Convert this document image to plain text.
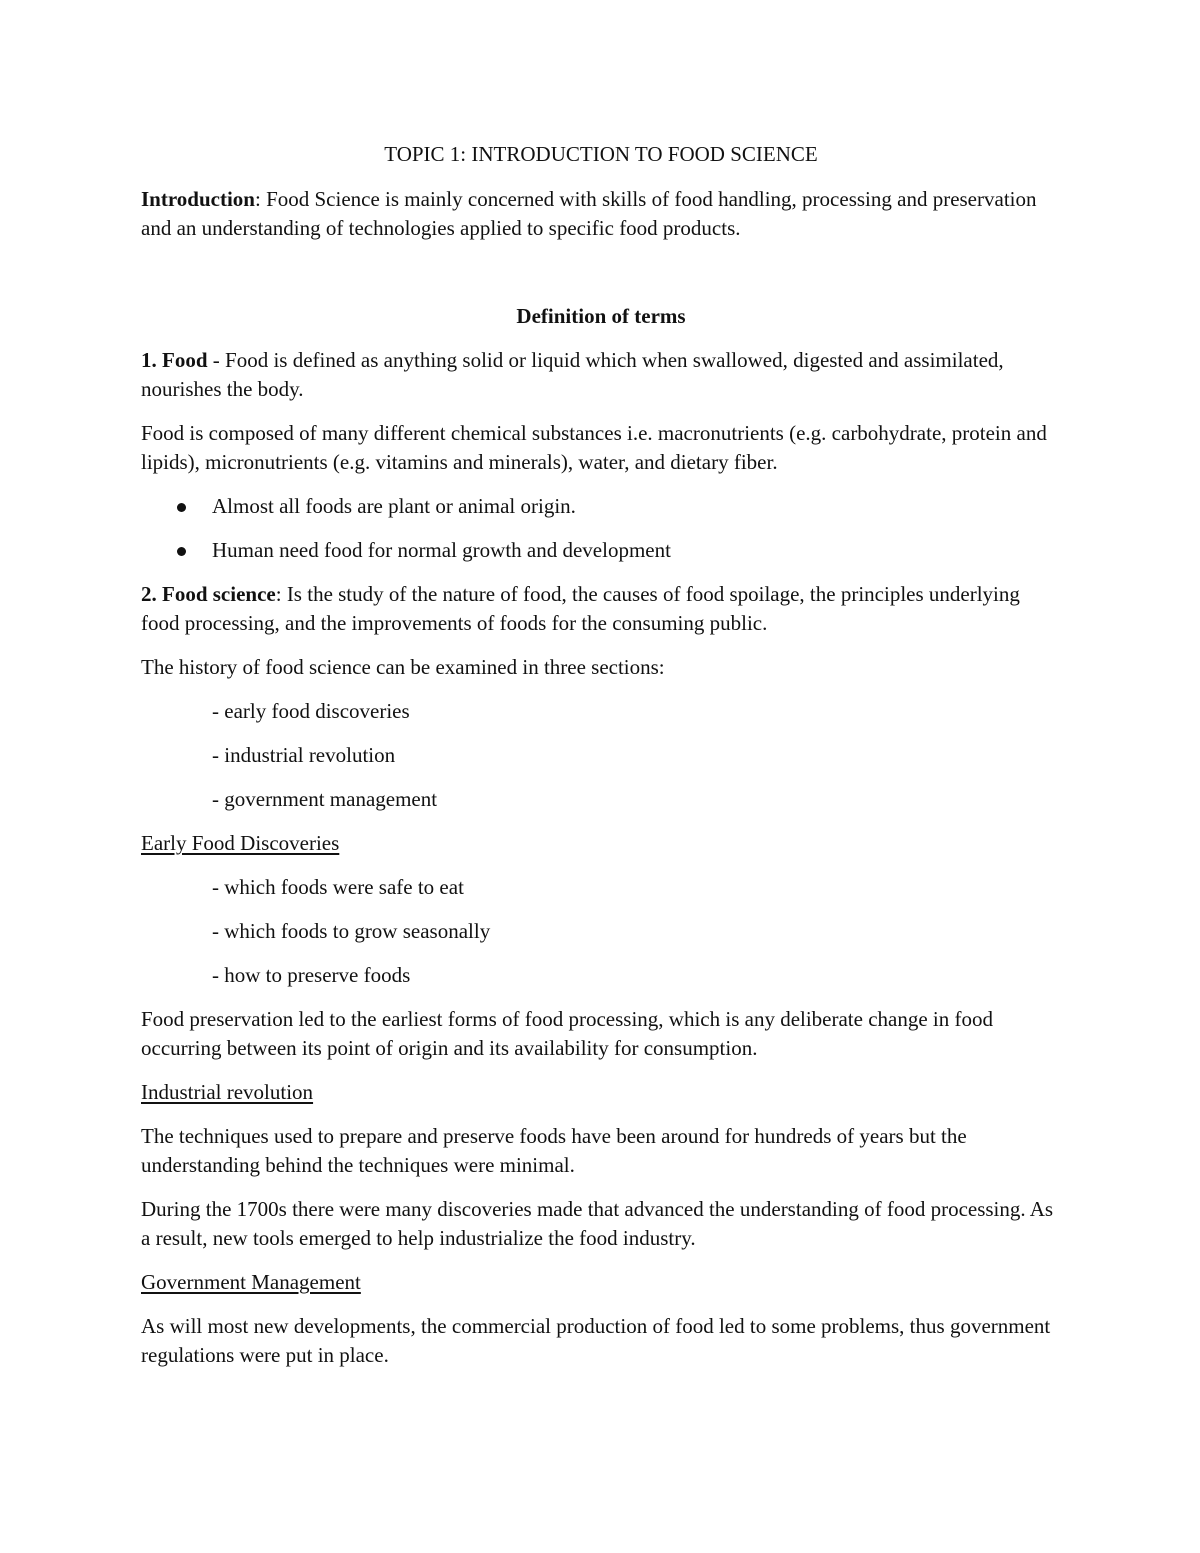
TOPIC 1: INTRODUCTION TO FOOD SCIENCE

Introduction: Food Science is mainly concerned with skills of food handling, processing and preservation and an understanding of technologies applied to specific food products.

Definition of terms

1. Food - Food is defined as anything solid or liquid which when swallowed, digested and assimilated, nourishes the body.

Food is composed of many different chemical substances i.e. macronutrients (e.g. carbohydrate, protein and lipids), micronutrients (e.g. vitamins and minerals), water, and dietary fiber.

Almost all foods are plant or animal origin.
Human need food for normal growth and development

2. Food science: Is the study of the nature of food, the causes of food spoilage, the principles underlying food processing, and the improvements of foods for the consuming public.

The history of food science can be examined in three sections:

- early food discoveries
- industrial revolution
- government management

Early Food Discoveries

- which foods were safe to eat
- which foods to grow seasonally
- how to preserve foods

Food preservation led to the earliest forms of food processing, which is any deliberate change in food occurring between its point of origin and its availability for consumption.

Industrial revolution

The techniques used to prepare and preserve foods have been around for hundreds of years but the understanding behind the techniques were minimal.

During the 1700s there were many discoveries made that advanced the understanding of food processing. As a result, new tools emerged to help industrialize the food industry.

Government Management

As will most new developments, the commercial production of food led to some problems, thus government regulations were put in place.
